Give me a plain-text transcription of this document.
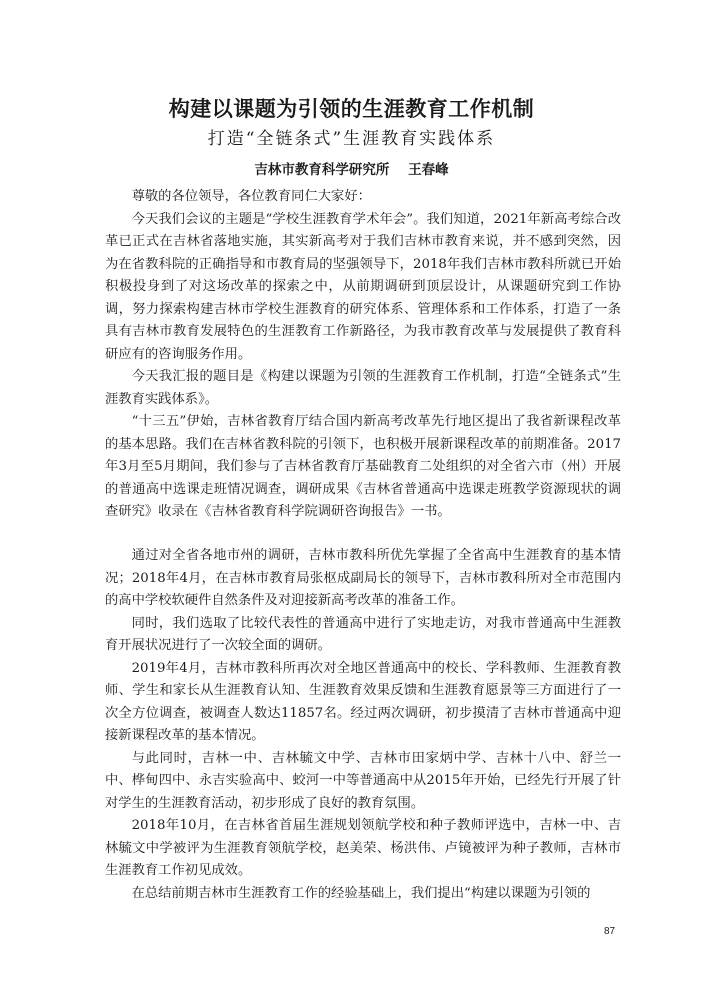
构建以课题为引领的生涯教育工作机制
打造“全链条式”生涯教育实践体系
吉林市教育科学研究所    王春峰

尊敬的各位领导，各位教育同仁大家好：

今天我们会议的主题是“学校生涯教育学术年会”。我们知道，2021年新高考综合改革已正式在吉林省落地实施，其实新高考对于我们吉林市教育来说，并不感到突然，因为在省教科院的正确指导和市教育局的坚强领导下，2018年我们吉林市教科所就已开始积极投身到了对这场改革的探索之中，从前期调研到顶层设计，从课题研究到工作协调，努力探索构建吉林市学校生涯教育的研究体系、管理体系和工作体系，打造了一条具有吉林市教育发展特色的生涯教育工作新路径，为我市教育改革与发展提供了教育科研应有的咨询服务作用。

今天我汇报的题目是《构建以课题为引领的生涯教育工作机制，打造“全链条式”生涯教育实践体系》。

“十三五”伊始，吉林省教育厅结合国内新高考改革先行地区提出了我省新课程改革的基本思路。我们在吉林省教科院的引领下，也积极开展新课程改革的前期准备。2017年3月至5月期间，我们参与了吉林省教育厅基础教育二处组织的对全省六市（州）开展的普通高中选课走班情况调查，调研成果《吉林省普通高中选课走班教学资源现状的调查研究》收录在《吉林省教育科学院调研咨询报告》一书。

通过对全省各地市州的调研，吉林市教科所优先掌握了全省高中生涯教育的基本情况；2018年4月，在吉林市教育局张枢成副局长的领导下，吉林市教科所对全市范围内的高中学校软硬件自然条件及对迎接新高考改革的准备工作。

同时，我们选取了比较代表性的普通高中进行了实地走访，对我市普通高中生涯教育开展状况进行了一次较全面的调研。

2019年4月，吉林市教科所再次对全地区普通高中的校长、学科教师、生涯教育教师、学生和家长从生涯教育认知、生涯教育效果反馈和生涯教育愿景等三方面进行了一次全方位调查，被调查人数达11857名。经过两次调研，初步摸清了吉林市普通高中迎接新课程改革的基本情况。

与此同时，吉林一中、吉林毓文中学、吉林市田家炳中学、吉林十八中、舒兰一中、桦甸四中、永吉实验高中、蛟河一中等普通高中从2015年开始，已经先行开展了针对学生的生涯教育活动，初步形成了良好的教育氛围。

2018年10月，在吉林省首届生涯规划领航学校和种子教师评选中，吉林一中、吉林毓文中学被评为生涯教育领航学校，赵美荣、杨洪伟、卢镜被评为种子教师，吉林市生涯教育工作初见成效。

在总结前期吉林市生涯教育工作的经验基础上，我们提出“构建以课题为引领的

87
